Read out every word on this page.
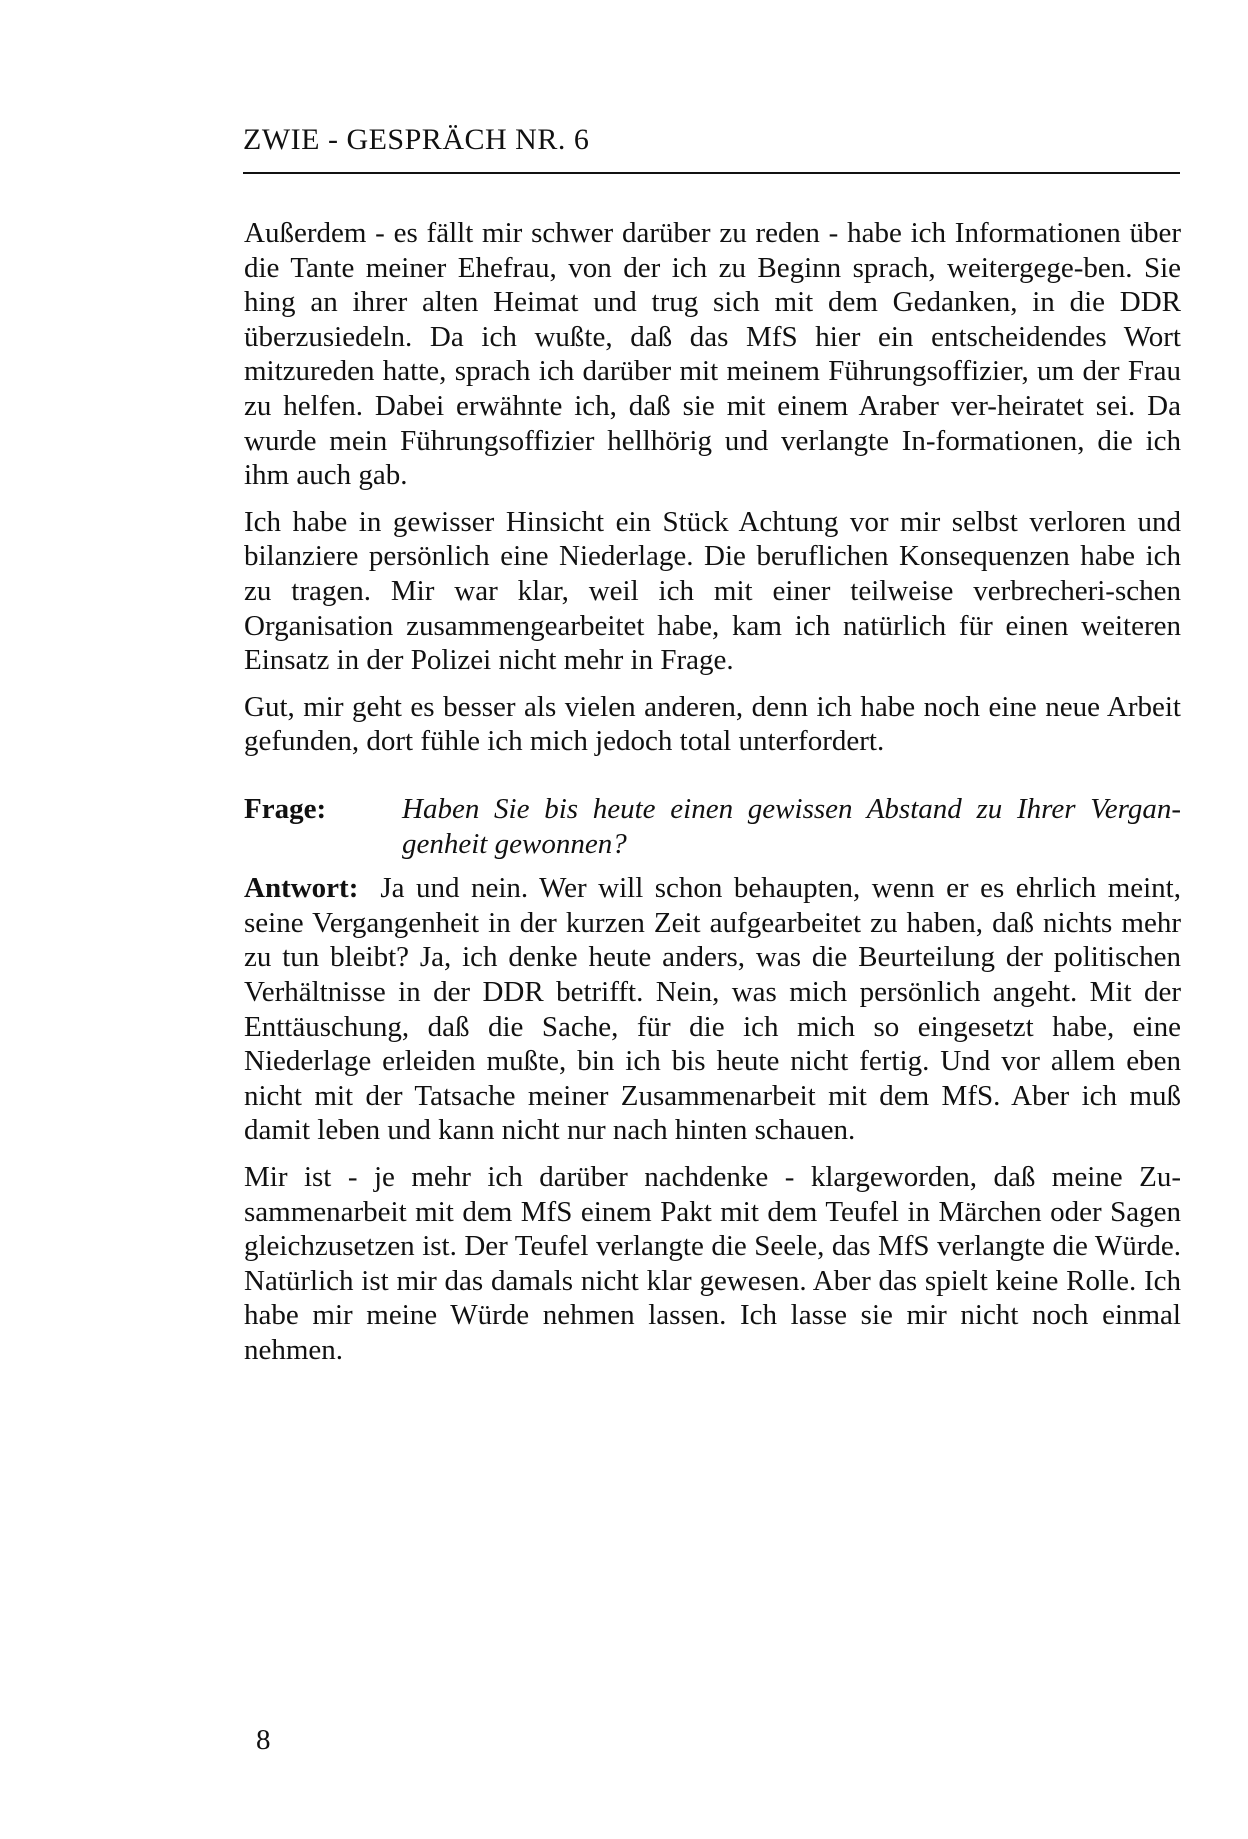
ZWIE - GESPRÄCH NR. 6

Außerdem - es fällt mir schwer darüber zu reden - habe ich Informationen über die Tante meiner Ehefrau, von der ich zu Beginn sprach, weitergege-ben. Sie hing an ihrer alten Heimat und trug sich mit dem Gedanken, in die DDR überzusiedeln. Da ich wußte, daß das MfS hier ein entscheidendes Wort mitzureden hatte, sprach ich darüber mit meinem Führungsoffizier, um der Frau zu helfen. Dabei erwähnte ich, daß sie mit einem Araber ver-heiratet sei. Da wurde mein Führungsoffizier hellhörig und verlangte In-formationen, die ich ihm auch gab.

Ich habe in gewisser Hinsicht ein Stück Achtung vor mir selbst verloren und bilanziere persönlich eine Niederlage. Die beruflichen Konsequenzen habe ich zu tragen. Mir war klar, weil ich mit einer teilweise verbrecheri-schen Organisation zusammengearbeitet habe, kam ich natürlich für einen weiteren Einsatz in der Polizei nicht mehr in Frage.

Gut, mir geht es besser als vielen anderen, denn ich habe noch eine neue Arbeit gefunden, dort fühle ich mich jedoch total unterfordert.

Frage:	Haben Sie bis heute einen gewissen Abstand zu Ihrer Vergan-genheit gewonnen?

Antwort: Ja und nein. Wer will schon behaupten, wenn er es ehrlich meint, seine Vergangenheit in der kurzen Zeit aufgearbeitet zu haben, daß nichts mehr zu tun bleibt? Ja, ich denke heute anders, was die Beurteilung der politischen Verhältnisse in der DDR betrifft. Nein, was mich persönlich angeht. Mit der Enttäuschung, daß die Sache, für die ich mich so eingesetzt habe, eine Niederlage erleiden mußte, bin ich bis heute nicht fertig. Und vor allem eben nicht mit der Tatsache meiner Zusammenarbeit mit dem MfS. Aber ich muß damit leben und kann nicht nur nach hinten schauen.

Mir ist - je mehr ich darüber nachdenke - klargeworden, daß meine Zu-sammenarbeit mit dem MfS einem Pakt mit dem Teufel in Märchen oder Sagen gleichzusetzen ist. Der Teufel verlangte die Seele, das MfS verlangte die Würde. Natürlich ist mir das damals nicht klar gewesen. Aber das spielt keine Rolle. Ich habe mir meine Würde nehmen lassen. Ich lasse sie mir nicht noch einmal nehmen.

8
